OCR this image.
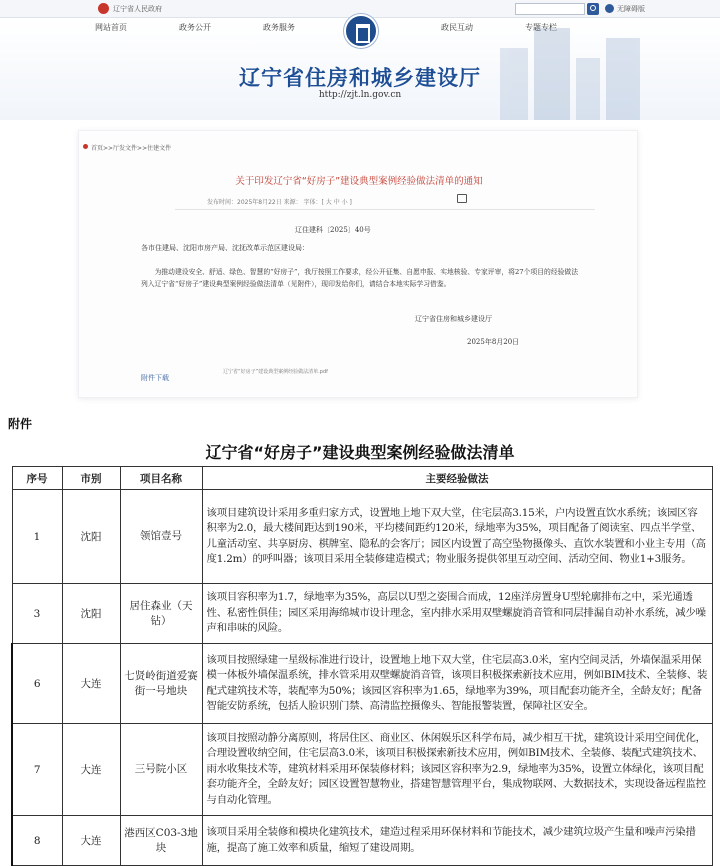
辽宁省人民政府	无障碍版
网站首页	政务公开	政务服务	政民互动	专题专栏
辽宁省住房和城乡建设厅
http://zjt.ln.gov.cn
首页>>厅发文件>>住建文件
关于印发辽宁省“好房子”建设典型案例经验做法清单的通知
发布时间：2025年8月22日 来源： 字体：[ 大 中 小 ]
辽住建科〔2025〕40号
各市住建局、沈阳市房产局、沈抚改革示范区建设局：
为推动建设安全、舒适、绿色、智慧的“好房子”，我厅按照工作要求，经公开征集、自愿申报、实地核验、专家评审，将27个项目的经验做法列入辽宁省“好房子”建设典型案例经验做法清单（见附件），现印发给你们，请结合本地实际学习借鉴。
辽宁省住房和城乡建设厅
2025年8月20日
附件下载
辽宁省“好房子”建设典型案例经验做法清单.pdf
附件
辽宁省“好房子”建设典型案例经验做法清单
序号	市别	项目名称	主要经验做法
1	沈阳	领馆壹号	该项目建筑设计采用多重归家方式，设置地上地下双大堂，住宅层高3.15米，户内设置直饮水系统；该园区容积率为2.0，最大楼间距达到190米，平均楼间距约120米，绿地率为35%，项目配备了阅读室、四点半学堂、儿童活动室、共享厨房、棋牌室、隐私的会客厅；园区内设置了高空坠物摄像头、直饮水装置和小业主专用（高度1.2m）的呼叫器；该项目采用全装修建造模式；物业服务提供邻里互动空间、活动空间、物业1+3服务。
3	沈阳	居住森业（天钻）	该项目容积率为1.7，绿地率为35%，高层以U型之姿围合而成，12座洋房置身U型轮廓排布之中，采光通透性、私密性俱佳；园区采用海绵城市设计理念，室内排水采用双壁螺旋消音管和同层排漏自动补水系统，减少噪声和串味的风险。
6	大连	七贤岭街道爱赛街一号地块	该项目按照绿建一星级标准进行设计，设置地上地下双大堂，住宅层高3.0米，室内空间灵活，外墙保温采用保模一体板外墙保温系统，排水管采用双壁螺旋消音管，该项目积极探索新技术应用，例如BIM技术、全装修、装配式建筑技术等，装配率为50%；该园区容积率为1.65，绿地率为39%，项目配套功能齐全，全龄友好；配备智能安防系统，包括人脸识别门禁、高清监控摄像头、智能报警装置，保障社区安全。
7	大连	三号院小区	该项目按照动静分离原则，将居住区、商业区、休闲娱乐区科学布局，减少相互干扰，建筑设计采用空间优化，合理设置收纳空间，住宅层高3.0米，该项目积极探索新技术应用，例如BIM技术、全装修、装配式建筑技术、雨水收集技术等，建筑材料采用环保装修材料；该园区容积率为2.9，绿地率为35%，设置立体绿化，该项目配套功能齐全，全龄友好；园区设置智慧物业，搭建智慧管理平台，集成物联网、大数据技术，实现设备远程监控与自动化管理。
8	大连	港西区C03-3地块	该项目采用全装修和模块化建筑技术，建造过程采用环保材料和节能技术，减少建筑垃圾产生量和噪声污染措施，提高了施工效率和质量，缩短了建设周期。
